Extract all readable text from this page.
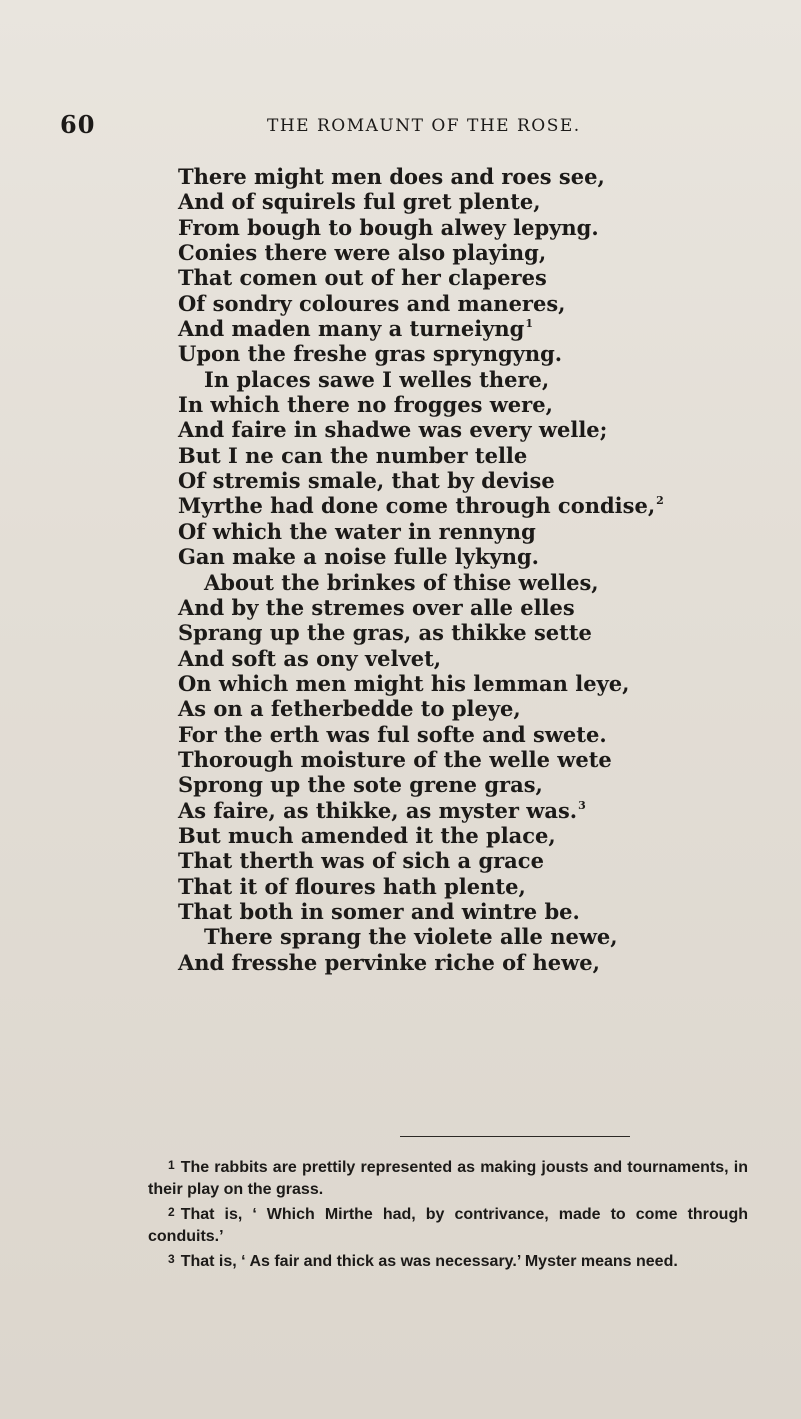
60	THE ROMAUNT OF THE ROSE.
There might men does and roes see,
And of squirels ful gret plente,
From bough to bough alwey lepyng.
Conies there were also playing,
That comen out of her claperes
Of sondry coloures and maneres,
And maden many a turneiyng$^1$
Upon the freshe gras spryngyng.
In places sawe I welles there,
In which there no frogges were,
And faire in shadwe was every welle;
But I ne can the number telle
Of stremis smale, that by devise
Myrthe had done come through condise,$^2$
Of which the water in rennyng
Gan make a noise fulle lykyng.
About the brinkes of thise welles,
And by the stremes over alle elles
Sprang up the gras, as thikke sette
And soft as ony velvet,
On which men might his lemman leye,
As on a fetherbedde to pleye,
For the erth was ful softe and swete.
Thorough moisture of the welle wete
Sprong up the sote grene gras,
As faire, as thikke, as myster was.$^3$
But much amended it the place,
That therth was of sich a grace
That it of floures hath plente,
That both in somer and wintre be.
There sprang the violete alle newe,
And fresshe pervinke riche of hewe,

1 The rabbits are prettily represented as making jousts and tournaments, in their play on the grass.

2 That is, ‘ Which Mirthe had, by contrivance, made to come through conduits.’

3 That is, ‘ As fair and thick as was necessary.’ Myster means need.
